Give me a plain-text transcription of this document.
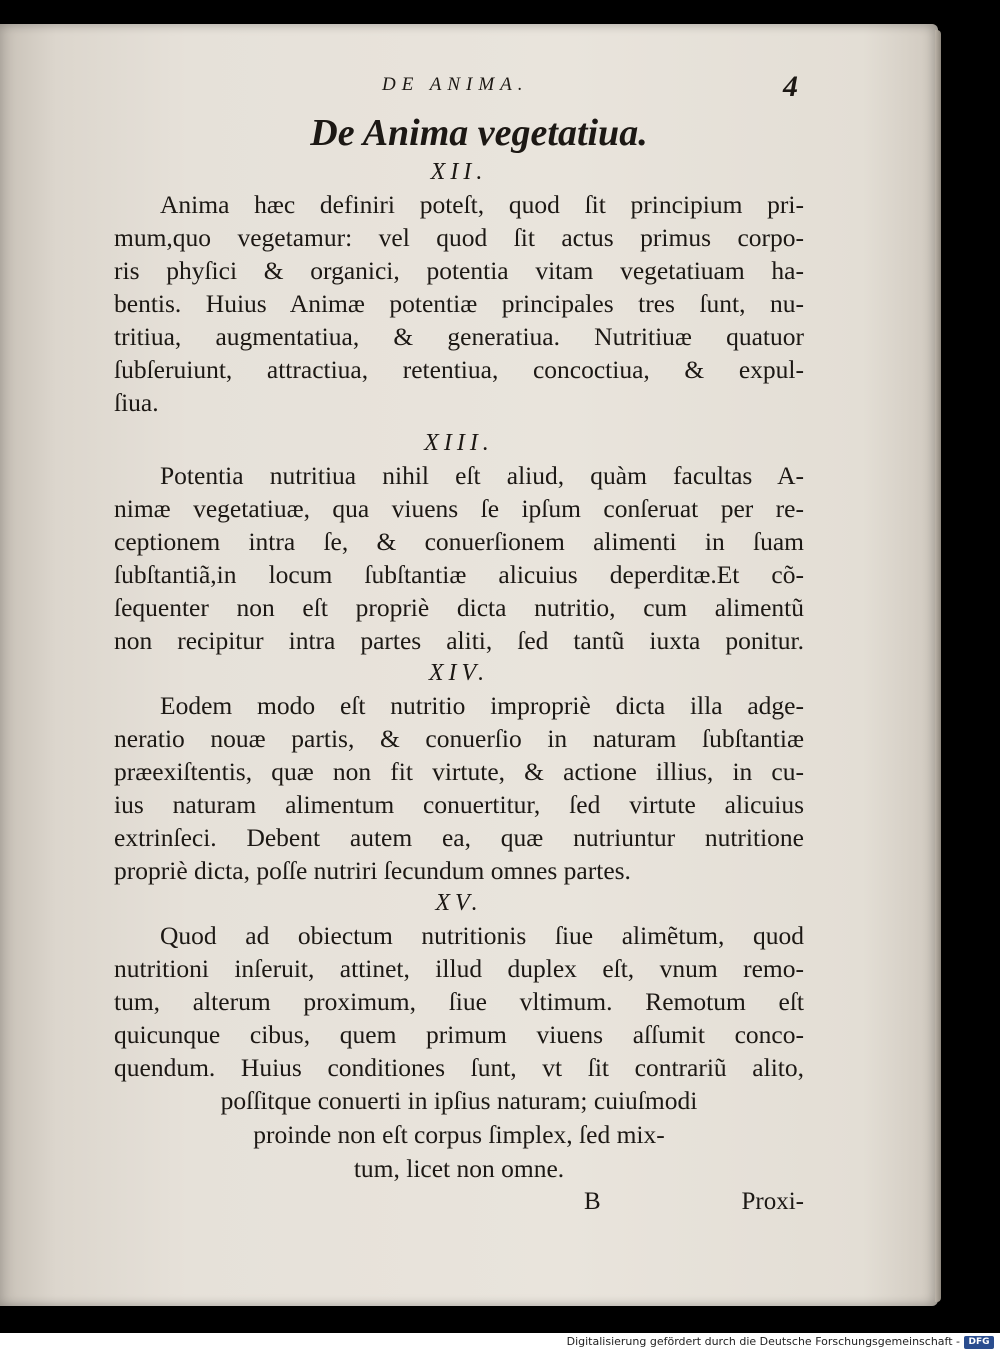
DE ANIMA.	4
De Anima vegetatiua.
XII.
Anima hæc definiri poteſt, quod ſit principium pri-
mum,quo vegetamur: vel quod ſit actus primus corpo-
ris phyſici & organici, potentia vitam vegetatiuam ha-
bentis. Huius Animæ potentiæ principales tres ſunt, nu-
tritiua, augmentatiua, & generatiua. Nutritiuæ quatuor
ſubſeruiunt, attractiua, retentiua, concoctiua, & expul-
ſiua.
XIII.
Potentia nutritiua nihil eſt aliud, quàm facultas A-
nimæ vegetatiuæ, qua viuens ſe ipſum conſeruat per re-
ceptionem intra ſe, & conuerſionem alimenti in ſuam
ſubſtantiã,in locum ſubſtantiæ alicuius deperditæ.Et cõ-
ſequenter non eſt propriè dicta nutritio, cum alimentũ
non recipitur intra partes aliti, ſed tantũ iuxta ponitur.
XIV.
Eodem modo eſt nutritio impropriè dicta illa adge-
neratio nouæ partis, & conuerſio in naturam ſubſtantiæ
præexiſtentis, quæ non fit virtute, & actione illius, in cu-
ius naturam alimentum conuertitur, ſed virtute alicuius
extrinſeci. Debent autem ea, quæ nutriuntur nutritione
propriè dicta, poſſe nutriri ſecundum omnes partes.
XV.
Quod ad obiectum nutritionis ſiue alimẽtum, quod
nutritioni inſeruit, attinet, illud duplex eſt, vnum remo-
tum, alterum proximum, ſiue vltimum. Remotum eſt
quicunque cibus, quem primum viuens aſſumit conco-
quendum. Huius conditiones ſunt, vt ſit contrariũ alito,
poſſitque conuerti in ipſius naturam; cuiuſmodi
proinde non eſt corpus ſimplex, ſed mix-
tum, licet non omne.
B	Proxi-
Digitalisierung gefördert durch die Deutsche Forschungsgemeinschaft - DFG
